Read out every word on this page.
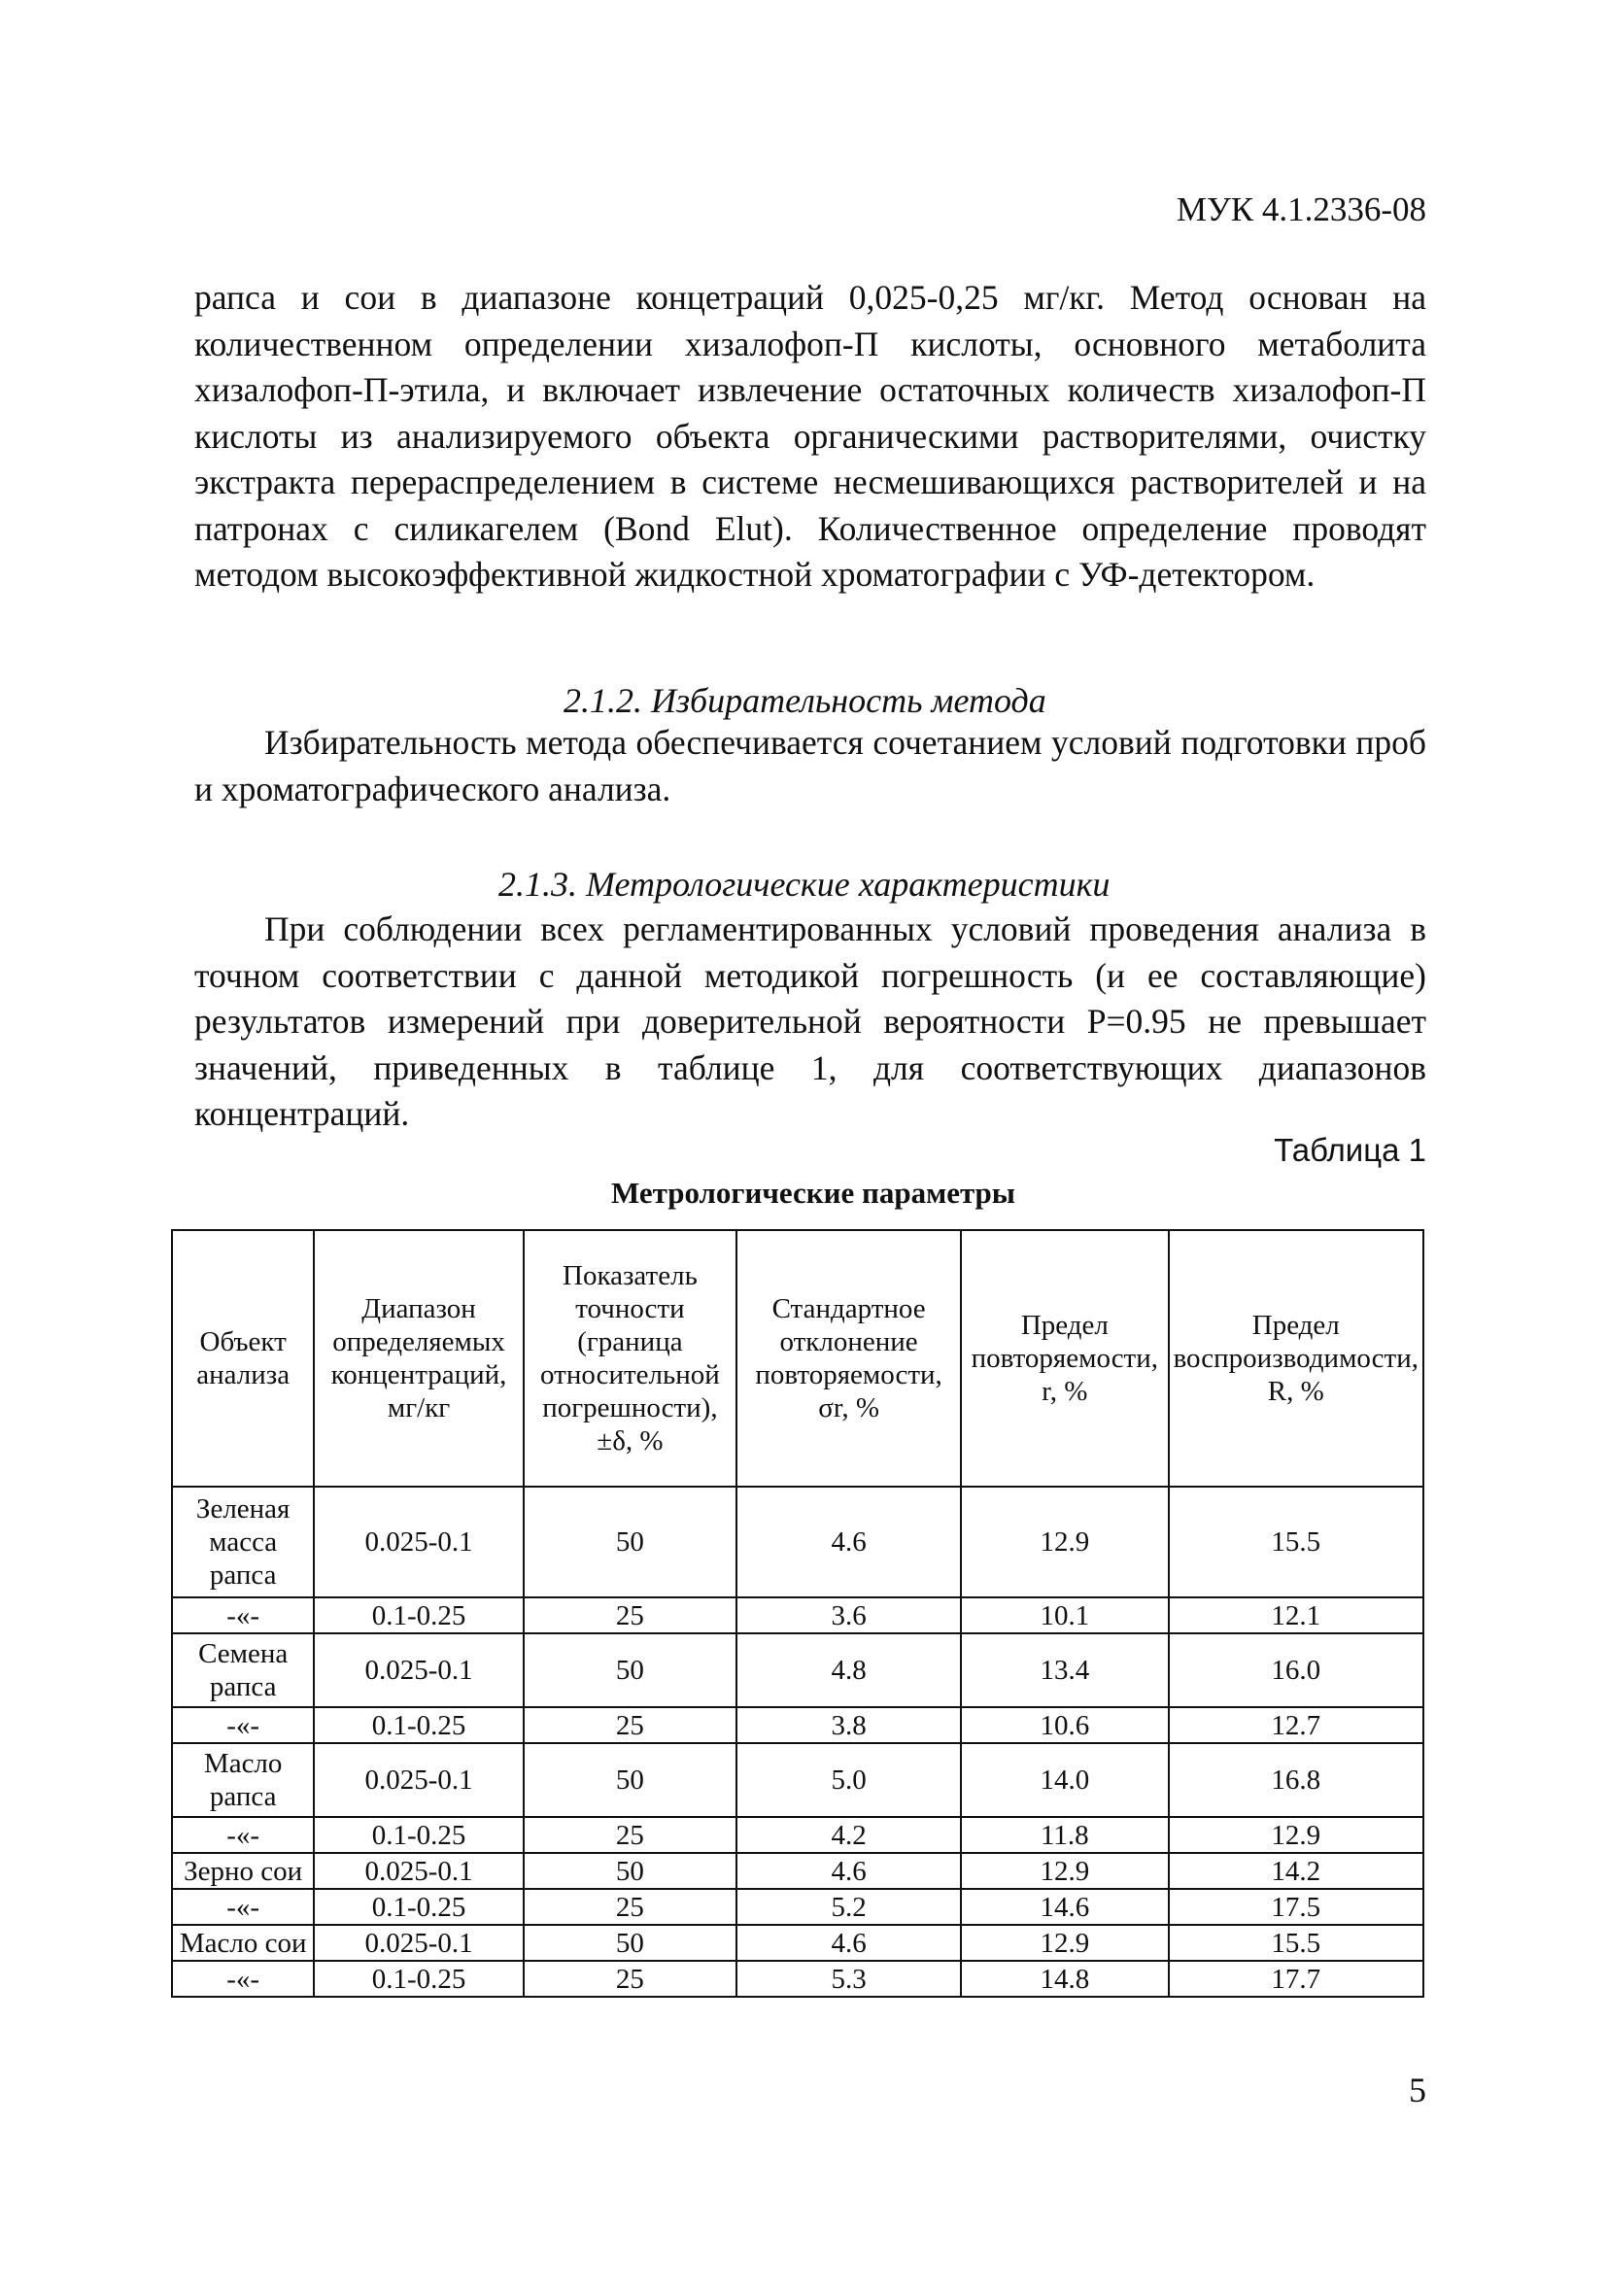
МУК 4.1.2336-08

рапса и сои в диапазоне концетраций 0,025-0,25 мг/кг. Метод основан на количественном определении хизалофоп-П кислоты, основного метаболита хизалофоп-П-этила, и включает извлечение остаточных количеств хизалофоп-П кислоты из анализируемого объекта органическими растворителями, очистку экстракта перераспределением в системе несмешивающихся растворителей и на патронах с силикагелем (Bond Elut). Количественное определение проводят методом высокоэффективной жидкостной хроматографии с УФ-детектором.

2.1.2. Избирательность метода

Избирательность метода обеспечивается сочетанием условий подготовки проб и хроматографического анализа.

2.1.3. Метрологические характеристики

При соблюдении всех регламентированных условий проведения анализа в точном соответствии с данной методикой погрешность (и ее составляющие) результатов измерений при доверительной вероятности P=0.95 не превышает значений, приведенных в таблице 1, для соответствующих диапазонов концентраций.

Таблица 1
Метрологические параметры
Объект анализа	Диапазон определяемых концентраций, мг/кг	Показатель точности (граница относительной погрешности), ±δ, %	Стандартное отклонение повторяемости, σr, %	Предел повторяемости, r, %	Предел воспроизводимости, R, %
Зеленая масса рапса	0.025-0.1	50	4.6	12.9	15.5
-«-	0.1-0.25	25	3.6	10.1	12.1
Семена рапса	0.025-0.1	50	4.8	13.4	16.0
-«-	0.1-0.25	25	3.8	10.6	12.7
Масло рапса	0.025-0.1	50	5.0	14.0	16.8
-«-	0.1-0.25	25	4.2	11.8	12.9
Зерно сои	0.025-0.1	50	4.6	12.9	14.2
-«-	0.1-0.25	25	5.2	14.6	17.5
Масло сои	0.025-0.1	50	4.6	12.9	15.5
-«-	0.1-0.25	25	5.3	14.8	17.7
5
